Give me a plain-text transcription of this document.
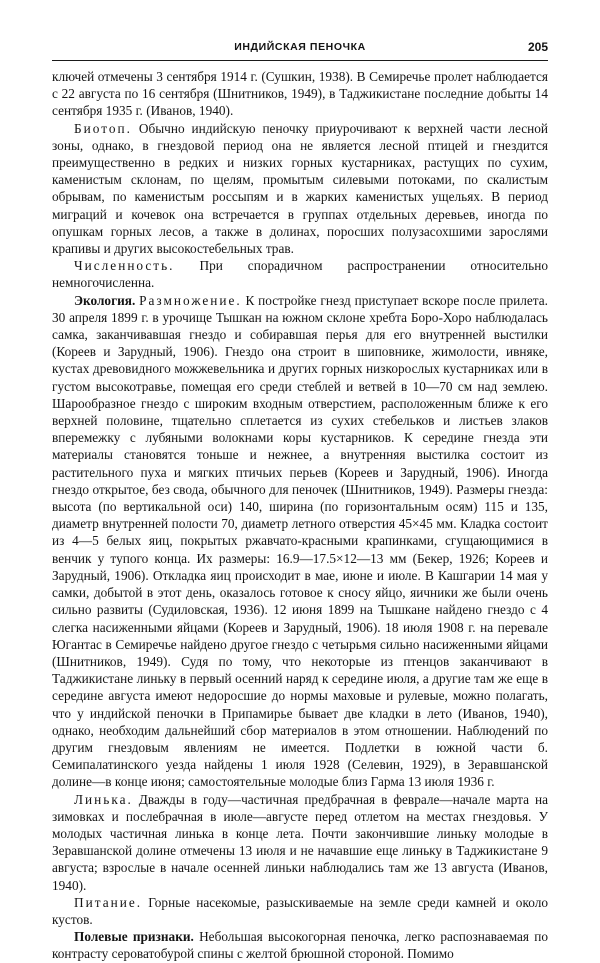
ИНДИЙСКАЯ ПЕНОЧКА	205

ключей отмечены 3 сентября 1914 г. (Сушкин, 1938). В Семиречье пролет наблюдается с 22 августа по 16 сентября (Шнитников, 1949), в Таджикистане последние добыты 14 сентября 1935 г. (Иванов, 1940).

Биотоп. Обычно индийскую пеночку приурочивают к верхней части лесной зоны, однако, в гнездовой период она не является лесной птицей и гнездится преимущественно в редких и низких горных кустарниках, растущих по сухим, каменистым склонам, по щелям, промытым силевыми потоками, по скалистым обрывам, по каменистым россыпям и в жарких каменистых ущельях. В период миграций и кочевок она встречается в группах отдельных деревьев, иногда по опушкам горных лесов, а также в долинах, поросших полузасохшими зарослями крапивы и других высокостебельных трав.

Численность. При спорадичном распространении относительно немногочисленна.

Экология. Размножение. К постройке гнезд приступает вскоре после прилета. 30 апреля 1899 г. в урочище Тышкан на южном склоне хребта Боро-Хоро наблюдалась самка, заканчивавшая гнездо и собиравшая перья для его внутренней выстилки (Кореев и Зарудный, 1906). Гнездо она строит в шиповнике, жимолости, ивняке, кустах древовидного можжевельника и других горных низкорослых кустарниках или в густом высокотравье, помещая его среди стеблей и ветвей в 10—70 см над землею. Шарообразное гнездо с широким входным отверстием, расположенным ближе к его верхней половине, тщательно сплетается из сухих стебельков и листьев злаков вперемежку с лубяными волокнами коры кустарников. К середине гнезда эти материалы становятся тоньше и нежнее, а внутренняя выстилка состоит из растительного пуха и мягких птичьих перьев (Кореев и Зарудный, 1906). Иногда гнездо открытое, без свода, обычного для пеночек (Шнитников, 1949). Размеры гнезда: высота (по вертикальной оси) 140, ширина (по горизонтальным осям) 115 и 135, диаметр внутренней полости 70, диаметр летного отверстия 45×45 мм. Кладка состоит из 4—5 белых яиц, покрытых ржавчато-красными крапинками, сгущающимися в венчик у тупого конца. Их размеры: 16.9—17.5×12—13 мм (Бекер, 1926; Кореев и Зарудный, 1906). Откладка яиц происходит в мае, июне и июле. В Кашгарии 14 мая у самки, добытой в этот день, оказалось готовое к сносу яйцо, яичники же были очень сильно развиты (Судиловская, 1936). 12 июня 1899 на Тышкане найдено гнездо с 4 слегка насиженными яйцами (Кореев и Зарудный, 1906). 18 июля 1908 г. на перевале Югантас в Семиречье найдено другое гнездо с четырьмя сильно насиженными яйцами (Шнитников, 1949). Судя по тому, что некоторые из птенцов заканчивают в Таджикистане линьку в первый осенний наряд к середине июля, а другие там же еще в середине августа имеют недоросшие до нормы маховые и рулевые, можно полагать, что у индийской пеночки в Припамирье бывает две кладки в лето (Иванов, 1940), однако, необходим дальнейший сбор материалов в этом отношении. Наблюдений по другим гнездовым явлениям не имеется. Подлетки в южной части б. Семипалатинского уезда найдены 1 июля 1928 (Селевин, 1929), в Зеравшанской долине—в конце июня; самостоятельные молодые близ Гарма 13 июля 1936 г.

Линька. Дважды в году—частичная предбрачная в феврале—начале марта на зимовках и послебрачная в июле—августе перед отлетом на местах гнездовья. У молодых частичная линька в конце лета. Почти закончившие линьку молодые в Зеравшанской долине отмечены 13 июля и не начавшие еще линьку в Таджикистане 9 августа; взрослые в начале осенней линьки наблюдались там же 13 августа (Иванов, 1940).

Питание. Горные насекомые, разыскиваемые на земле среди камней и около кустов.

Полевые признаки. Небольшая высокогорная пеночка, легко распознаваемая по контрасту сероватобурой спины с желтой брюшной стороной. Помимо
